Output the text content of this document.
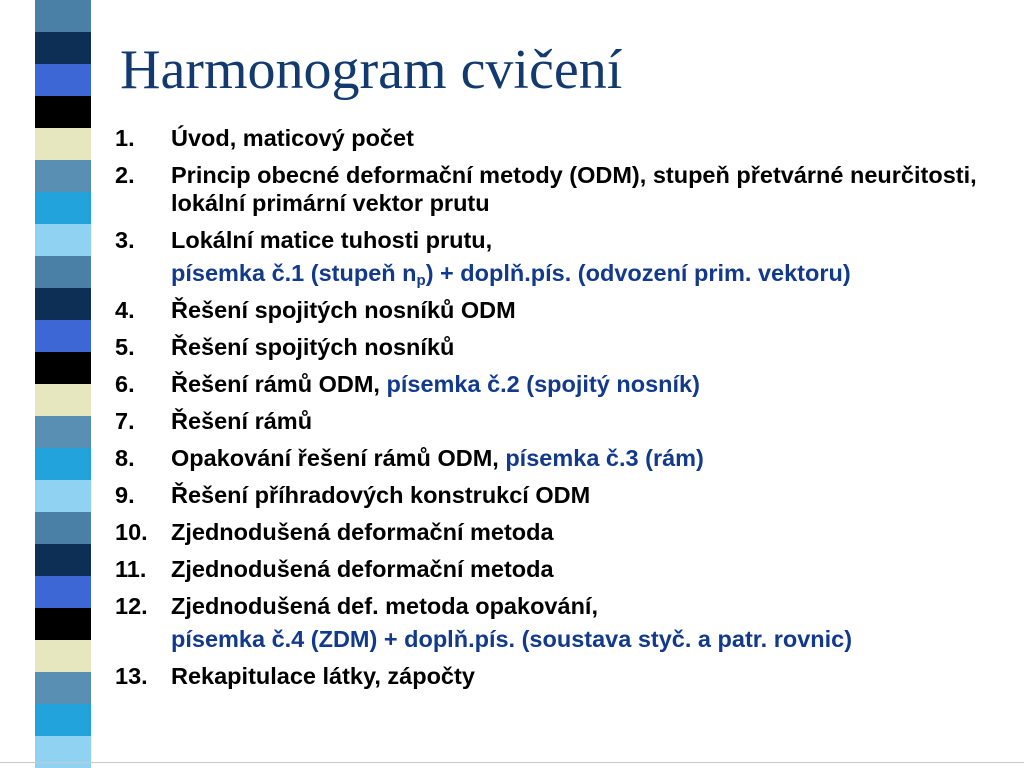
Harmonogram cvičení
1.	Úvod, maticový počet
2.	Princip obecné deformační metody (ODM), stupeň přetvárné neurčitosti, lokální primární vektor prutu
3.	Lokální matice tuhosti prutu,
písemka č.1 (stupeň $n_p$) + doplň.pís. (odvození prim. vektoru)
4.	Řešení spojitých nosníků ODM
5.	Řešení spojitých nosníků
6.	Řešení rámů ODM, písemka č.2 (spojitý nosník)
7.	Řešení rámů
8.	Opakování řešení rámů ODM, písemka č.3 (rám)
9.	Řešení příhradových konstrukcí ODM
10. Zjednodušená deformační metoda
11.	Zjednodušená deformační metoda
12. Zjednodušená def. metoda opakování,
písemka č.4 (ZDM) + doplň.pís. (soustava styč. a patr. rovnic)
13. Rekapitulace látky, zápočty
